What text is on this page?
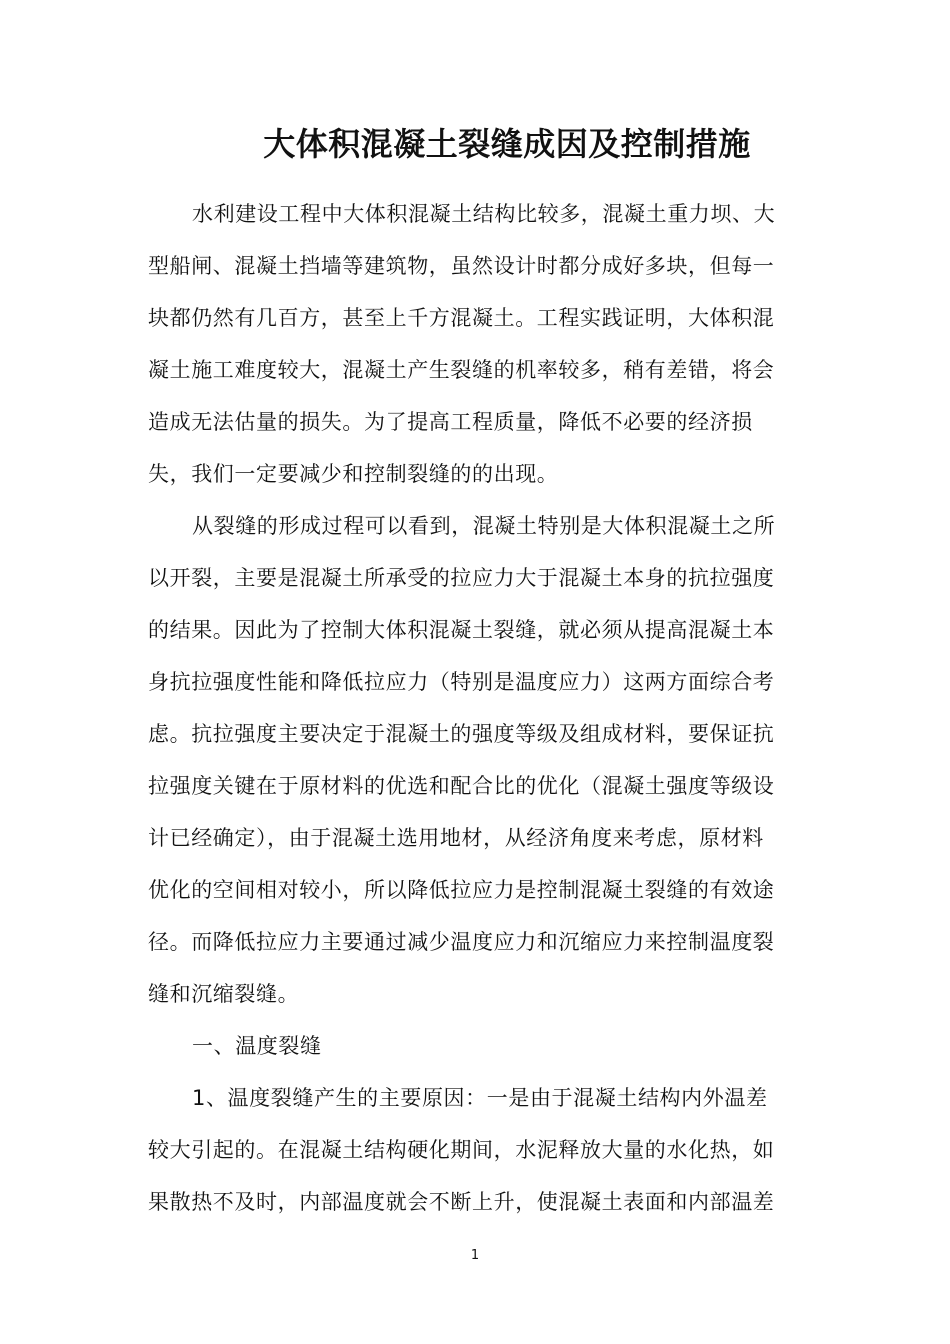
大体积混凝土裂缝成因及控制措施
水利建设工程中大体积混凝土结构比较多，混凝土重力坝、大
型船闸、混凝土挡墙等建筑物，虽然设计时都分成好多块，但每一
块都仍然有几百方，甚至上千方混凝土。工程实践证明，大体积混
凝土施工难度较大，混凝土产生裂缝的机率较多，稍有差错，将会
造成无法估量的损失。为了提高工程质量，降低不必要的经济损
失，我们一定要减少和控制裂缝的的出现。
从裂缝的形成过程可以看到，混凝土特别是大体积混凝土之所
以开裂，主要是混凝土所承受的拉应力大于混凝土本身的抗拉强度
的结果。因此为了控制大体积混凝土裂缝，就必须从提高混凝土本
身抗拉强度性能和降低拉应力（特别是温度应力）这两方面综合考
虑。抗拉强度主要决定于混凝土的强度等级及组成材料，要保证抗
拉强度关键在于原材料的优选和配合比的优化（混凝土强度等级设
计已经确定），由于混凝土选用地材，从经济角度来考虑，原材料
优化的空间相对较小，所以降低拉应力是控制混凝土裂缝的有效途
径。而降低拉应力主要通过减少温度应力和沉缩应力来控制温度裂
缝和沉缩裂缝。
一、温度裂缝
1、温度裂缝产生的主要原因：一是由于混凝土结构内外温差
较大引起的。在混凝土结构硬化期间，水泥释放大量的水化热，如
果散热不及时，内部温度就会不断上升，使混凝土表面和内部温差
1
